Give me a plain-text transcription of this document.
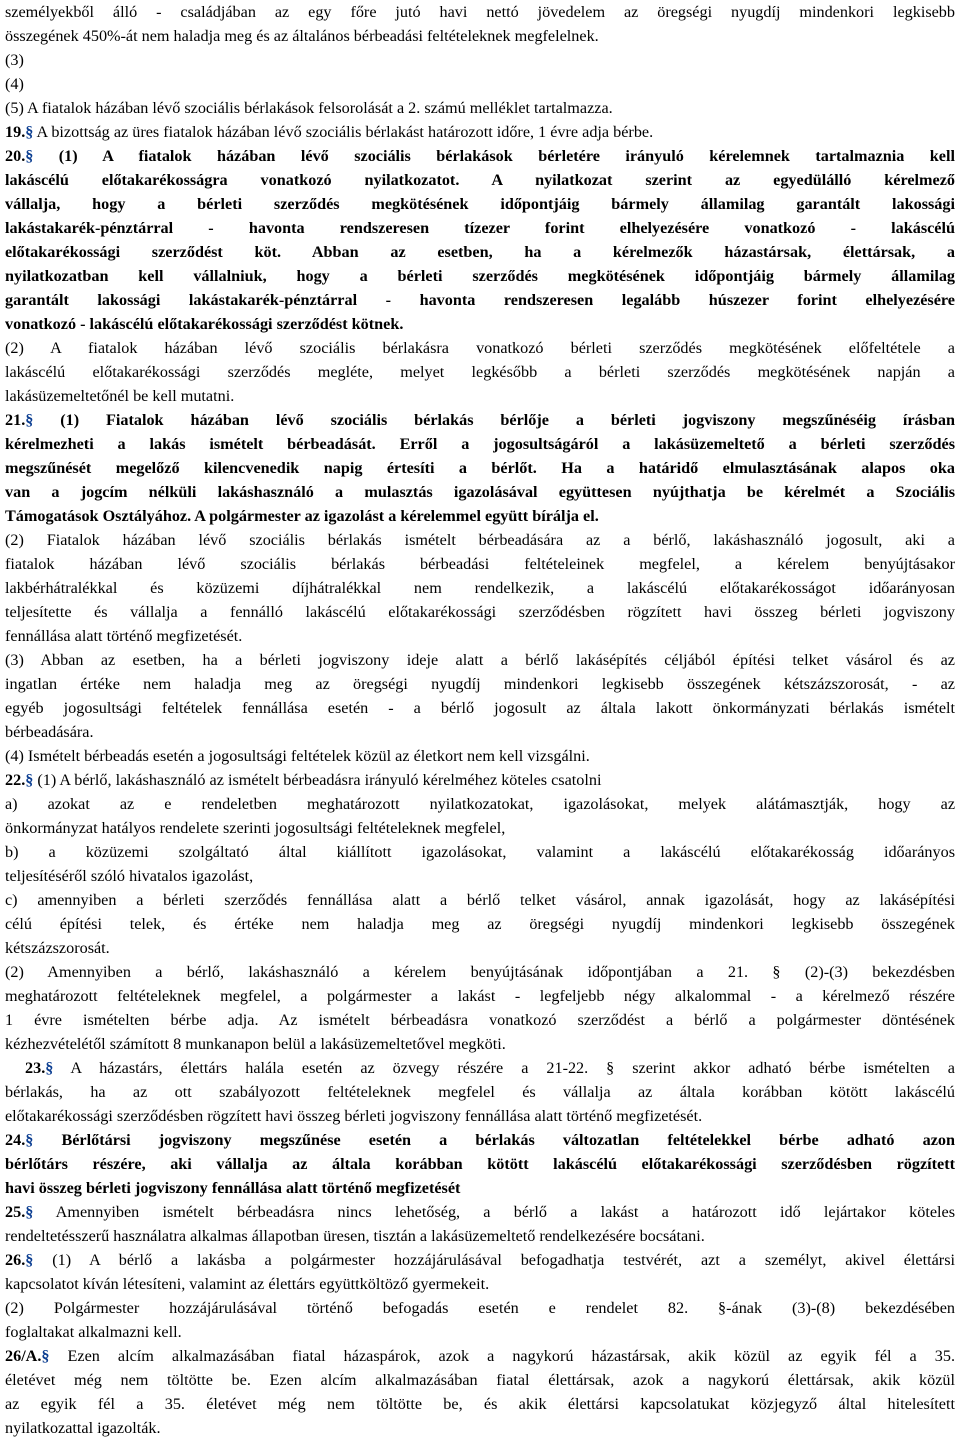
személyekből álló - családjában az egy főre jutó havi nettó jövedelem az öregségi nyugdíj mindenkori legkisebb
összegének 450%-át nem haladja meg és az általános bérbeadási feltételeknek megfelelnek.
(3)
(4)
(5) A fiatalok házában lévő szociális bérlakások felsorolását a 2. számú melléklet tartalmazza.
19.§ A bizottság az üres fiatalok házában lévő szociális bérlakást határozott időre, 1 évre adja bérbe.
20.§ (1) A fiatalok házában lévő szociális bérlakások bérletére irányuló kérelemnek tartalmaznia kell
lakáscélú előtakarékosságra vonatkozó nyilatkozatot. A nyilatkozat szerint az egyedülálló kérelmező
vállalja, hogy a bérleti szerződés megkötésének időpontjáig bármely államilag garantált lakossági
lakástakarék-pénztárral - havonta rendszeresen tízezer forint elhelyezésére vonatkozó - lakáscélú
előtakarékossági szerződést köt. Abban az esetben, ha a kérelmezők házastársak, élettársak, a
nyilatkozatban kell vállalniuk, hogy a bérleti szerződés megkötésének időpontjáig bármely államilag
garantált lakossági lakástakarék-pénztárral - havonta rendszeresen legalább húszezer forint elhelyezésére
vonatkozó - lakáscélú előtakarékossági szerződést kötnek.
(2) A fiatalok házában lévő szociális bérlakásra vonatkozó bérleti szerződés megkötésének előfeltétele a
lakáscélú előtakarékossági szerződés megléte, melyet legkésőbb a bérleti szerződés megkötésének napján a
lakásüzemeltetőnél be kell mutatni.
21.§ (1) Fiatalok házában lévő szociális bérlakás bérlője a bérleti jogviszony megszűnéséig írásban
kérelmezheti a lakás ismételt bérbeadását. Erről a jogosultságáról a lakásüzemeltető a bérleti szerződés
megszűnését megelőző kilencvenedik napig értesíti a bérlőt. Ha a határidő elmulasztásának alapos oka
van a jogcím nélküli lakáshasználó a mulasztás igazolásával együttesen nyújthatja be kérelmét a Szociális
Támogatások Osztályához. A polgármester az igazolást a kérelemmel együtt bírálja el.
(2) Fiatalok házában lévő szociális bérlakás ismételt bérbeadására az a bérlő, lakáshasználó jogosult, aki a
fiatalok házában lévő szociális bérlakás bérbeadási feltételeinek megfelel, a kérelem benyújtásakor
lakbérhátralékkal és közüzemi díjhátralékkal nem rendelkezik, a lakáscélú előtakarékosságot időarányosan
teljesítette és vállalja a fennálló lakáscélú előtakarékossági szerződésben rögzített havi összeg bérleti jogviszony
fennállása alatt történő megfizetését.
(3) Abban az esetben, ha a bérleti jogviszony ideje alatt a bérlő lakásépítés céljából építési telket vásárol és az
ingatlan értéke nem haladja meg az öregségi nyugdíj mindenkori legkisebb összegének kétszázszorosát, - az
egyéb jogosultsági feltételek fennállása esetén - a bérlő jogosult az általa lakott önkormányzati bérlakás ismételt
bérbeadására.
(4) Ismételt bérbeadás esetén a jogosultsági feltételek közül az életkort nem kell vizsgálni.
22.§ (1) A bérlő, lakáshasználó az ismételt bérbeadásra irányuló kérelméhez köteles csatolni
a) azokat az e rendeletben meghatározott nyilatkozatokat, igazolásokat, melyek alátámasztják, hogy az
önkormányzat hatályos rendelete szerinti jogosultsági feltételeknek megfelel,
b) a közüzemi szolgáltató által kiállított igazolásokat, valamint a lakáscélú előtakarékosság időarányos
teljesítéséről szóló hivatalos igazolást,
c) amennyiben a bérleti szerződés fennállása alatt a bérlő telket vásárol, annak igazolását, hogy az lakásépítési
célú építési telek, és értéke nem haladja meg az öregségi nyugdíj mindenkori legkisebb összegének
kétszázszorosát.
(2) Amennyiben a bérlő, lakáshasználó a kérelem benyújtásának időpontjában a 21. § (2)-(3) bekezdésben
meghatározott feltételeknek megfelel, a polgármester a lakást - legfeljebb négy alkalommal - a kérelmező részére
1 évre ismételten bérbe adja. Az ismételt bérbeadásra vonatkozó szerződést a bérlő a polgármester döntésének
kézhezvételétől számított 8 munkanapon belül a lakásüzemeltetővel megköti.
23.§ A házastárs, élettárs halála esetén az özvegy részére a 21-22. § szerint akkor adható bérbe ismételten a
bérlakás, ha az ott szabályozott feltételeknek megfelel és vállalja az általa korábban kötött lakáscélú
előtakarékossági szerződésben rögzített havi összeg bérleti jogviszony fennállása alatt történő megfizetését.
24.§ Bérlőtársi jogviszony megszűnése esetén a bérlakás változatlan feltételekkel bérbe adható azon
bérlőtárs részére, aki vállalja az általa korábban kötött lakáscélú előtakarékossági szerződésben rögzített
havi összeg bérleti jogviszony fennállása alatt történő megfizetését
25.§ Amennyiben ismételt bérbeadásra nincs lehetőség, a bérlő a lakást a határozott idő lejártakor köteles
rendeltetésszerű használatra alkalmas állapotban üresen, tisztán a lakásüzemeltető rendelkezésére bocsátani.
26.§ (1) A bérlő a lakásba a polgármester hozzájárulásával befogadhatja testvérét, azt a személyt, akivel élettársi
kapcsolatot kíván létesíteni, valamint az élettárs együttköltöző gyermekeit.
(2) Polgármester hozzájárulásával történő befogadás esetén e rendelet 82. §-ának (3)-(8) bekezdésében
foglaltakat alkalmazni kell.
26/A.§ Ezen alcím alkalmazásában fiatal házaspárok, azok a nagykorú házastársak, akik közül az egyik fél a 35.
életévet még nem töltötte be. Ezen alcím alkalmazásában fiatal élettársak, azok a nagykorú élettársak, akik közül
az egyik fél a 35. életévet még nem töltötte be, és akik élettársi kapcsolatukat közjegyző által hitelesített
nyilatkozattal igazolták.
